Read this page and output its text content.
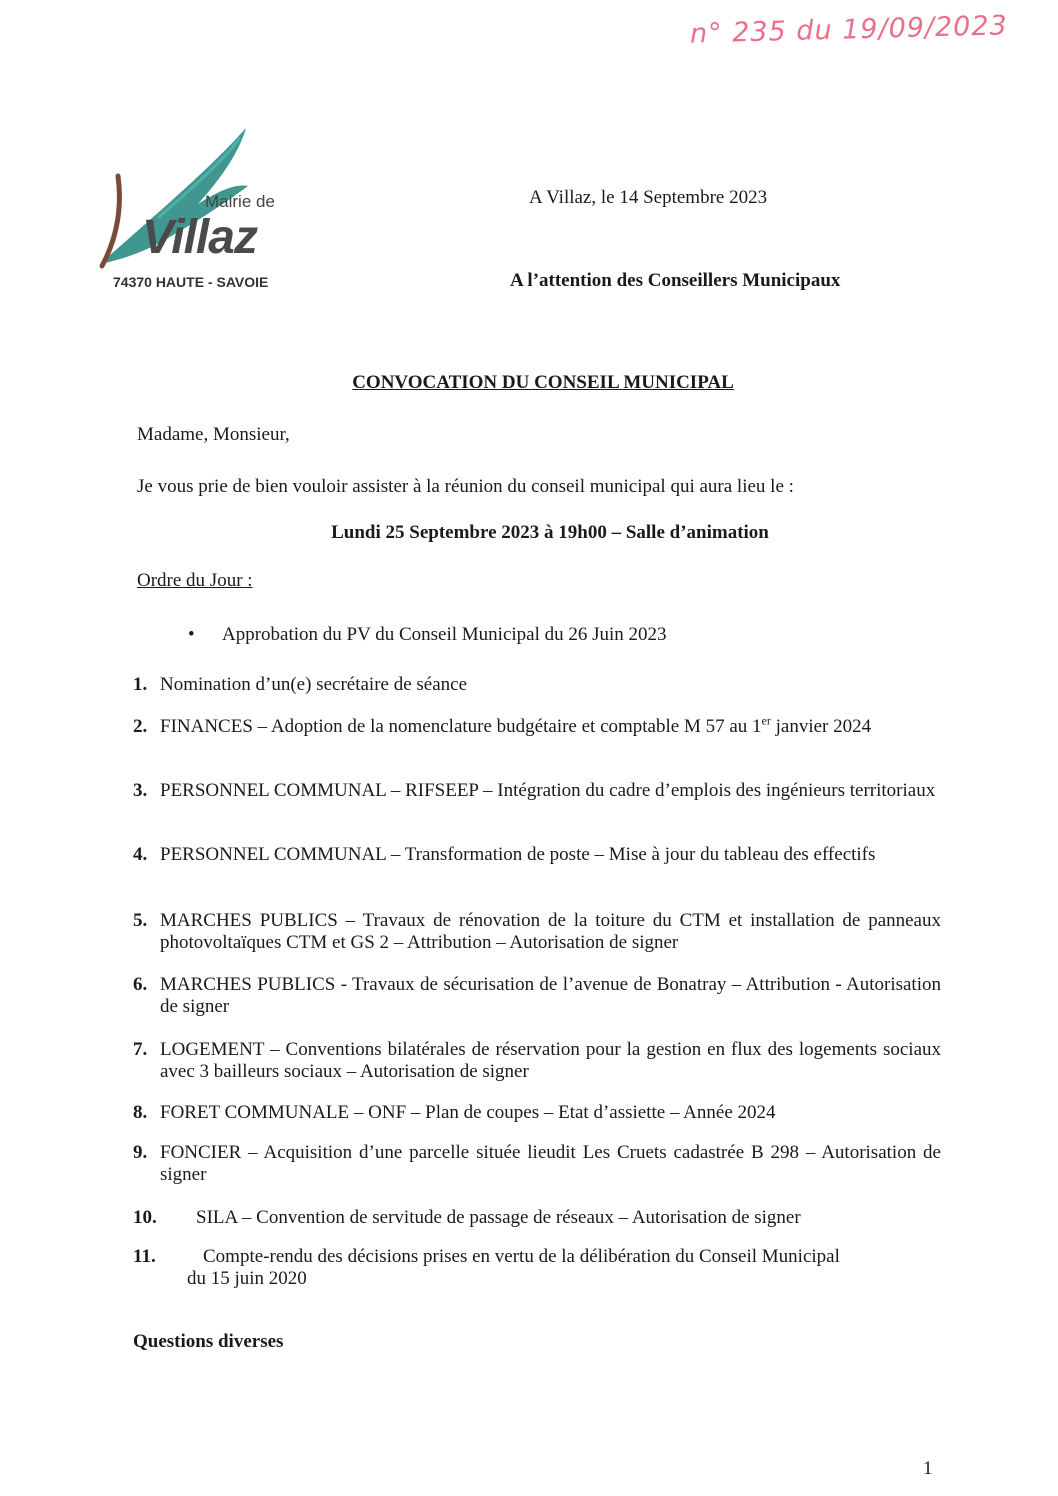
n° 235 du 19/09/2023
Mairie de
Villaz
74370 HAUTE - SAVOIE
A Villaz, le 14 Septembre 2023
A l’attention des Conseillers Municipaux
CONVOCATION DU CONSEIL MUNICIPAL
Madame, Monsieur,
Je vous prie de bien vouloir assister à la réunion du conseil municipal qui aura lieu le :
Lundi 25 Septembre 2023 à 19h00 – Salle d’animation
Ordre du Jour :
• Approbation du PV du Conseil Municipal du 26 Juin 2023
1. Nomination d’un(e) secrétaire de séance
2. FINANCES – Adoption de la nomenclature budgétaire et comptable M 57 au 1er janvier 2024
3. PERSONNEL COMMUNAL – RIFSEEP – Intégration du cadre d’emplois des ingénieurs territoriaux
4. PERSONNEL COMMUNAL – Transformation de poste – Mise à jour du tableau des effectifs
5. MARCHES PUBLICS – Travaux de rénovation de la toiture du CTM et installation de panneaux photovoltaïques CTM et GS 2 – Attribution – Autorisation de signer
6. MARCHES PUBLICS - Travaux de sécurisation de l’avenue de Bonatray – Attribution - Autorisation de signer
7. LOGEMENT – Conventions bilatérales de réservation pour la gestion en flux des logements sociaux avec 3 bailleurs sociaux – Autorisation de signer
8. FORET COMMUNALE – ONF – Plan de coupes – Etat d’assiette – Année 2024
9. FONCIER – Acquisition d’une parcelle située lieudit Les Cruets cadastrée B 298 – Autorisation de signer
10.	SILA – Convention de servitude de passage de réseaux – Autorisation de signer
11.	Compte-rendu des décisions prises en vertu de la délibération du Conseil Municipal
du 15 juin 2020
Questions diverses
1
